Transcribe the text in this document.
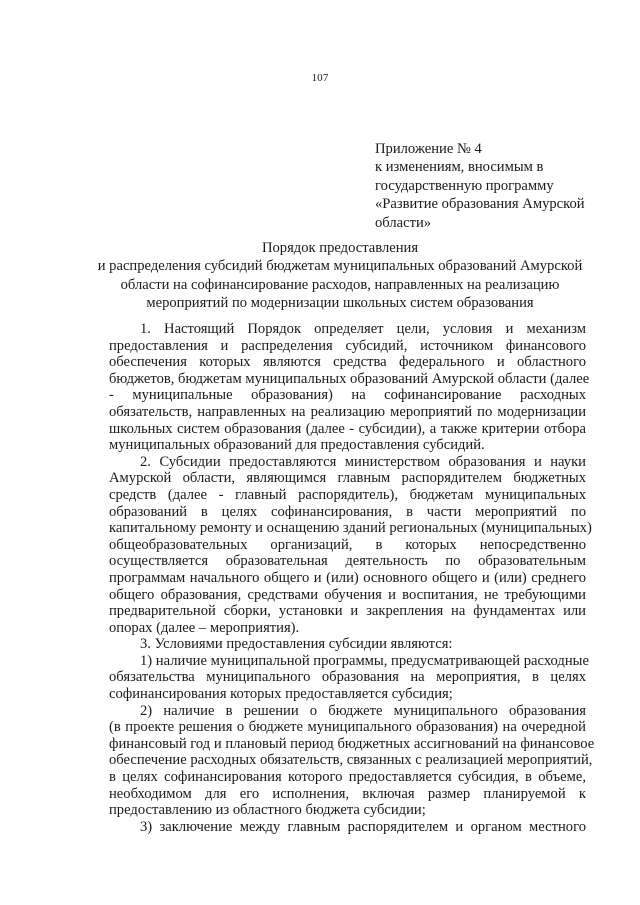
107
Приложение № 4
к изменениям, вносимым в
государственную программу
«Развитие образования Амурской
области»
Порядок предоставления
и распределения субсидий бюджетам муниципальных образований Амурской
области на софинансирование расходов, направленных на реализацию
мероприятий по модернизации школьных систем образования
1. Настоящий Порядок определяет цели, условия и механизм
предоставления и распределения субсидий, источником финансового
обеспечения которых являются средства федерального и областного
бюджетов, бюджетам муниципальных образований Амурской области (далее
- муниципальные образования) на софинансирование расходных
обязательств, направленных на реализацию мероприятий по модернизации
школьных систем образования (далее - субсидии), а также критерии отбора
муниципальных образований для предоставления субсидий.
2. Субсидии предоставляются министерством образования и науки
Амурской области, являющимся главным распорядителем бюджетных
средств (далее - главный распорядитель), бюджетам муниципальных
образований в целях софинансирования, в части мероприятий по
капитальному ремонту и оснащению зданий региональных (муниципальных)
общеобразовательных организаций, в которых непосредственно
осуществляется образовательная деятельность по образовательным
программам начального общего и (или) основного общего и (или) среднего
общего образования, средствами обучения и воспитания, не требующими
предварительной сборки, установки и закрепления на фундаментах или
опорах (далее – мероприятия).
3. Условиями предоставления субсидии являются:
1) наличие муниципальной программы, предусматривающей расходные
обязательства муниципального образования на мероприятия, в целях
софинансирования которых предоставляется субсидия;
2) наличие в решении о бюджете муниципального образования
(в проекте решения о бюджете муниципального образования) на очередной
финансовый год и плановый период бюджетных ассигнований на финансовое
обеспечение расходных обязательств, связанных с реализацией мероприятий,
в целях софинансирования которого предоставляется субсидия, в объеме,
необходимом для его исполнения, включая размер планируемой к
предоставлению из областного бюджета субсидии;
3) заключение между главным распорядителем и органом местного
